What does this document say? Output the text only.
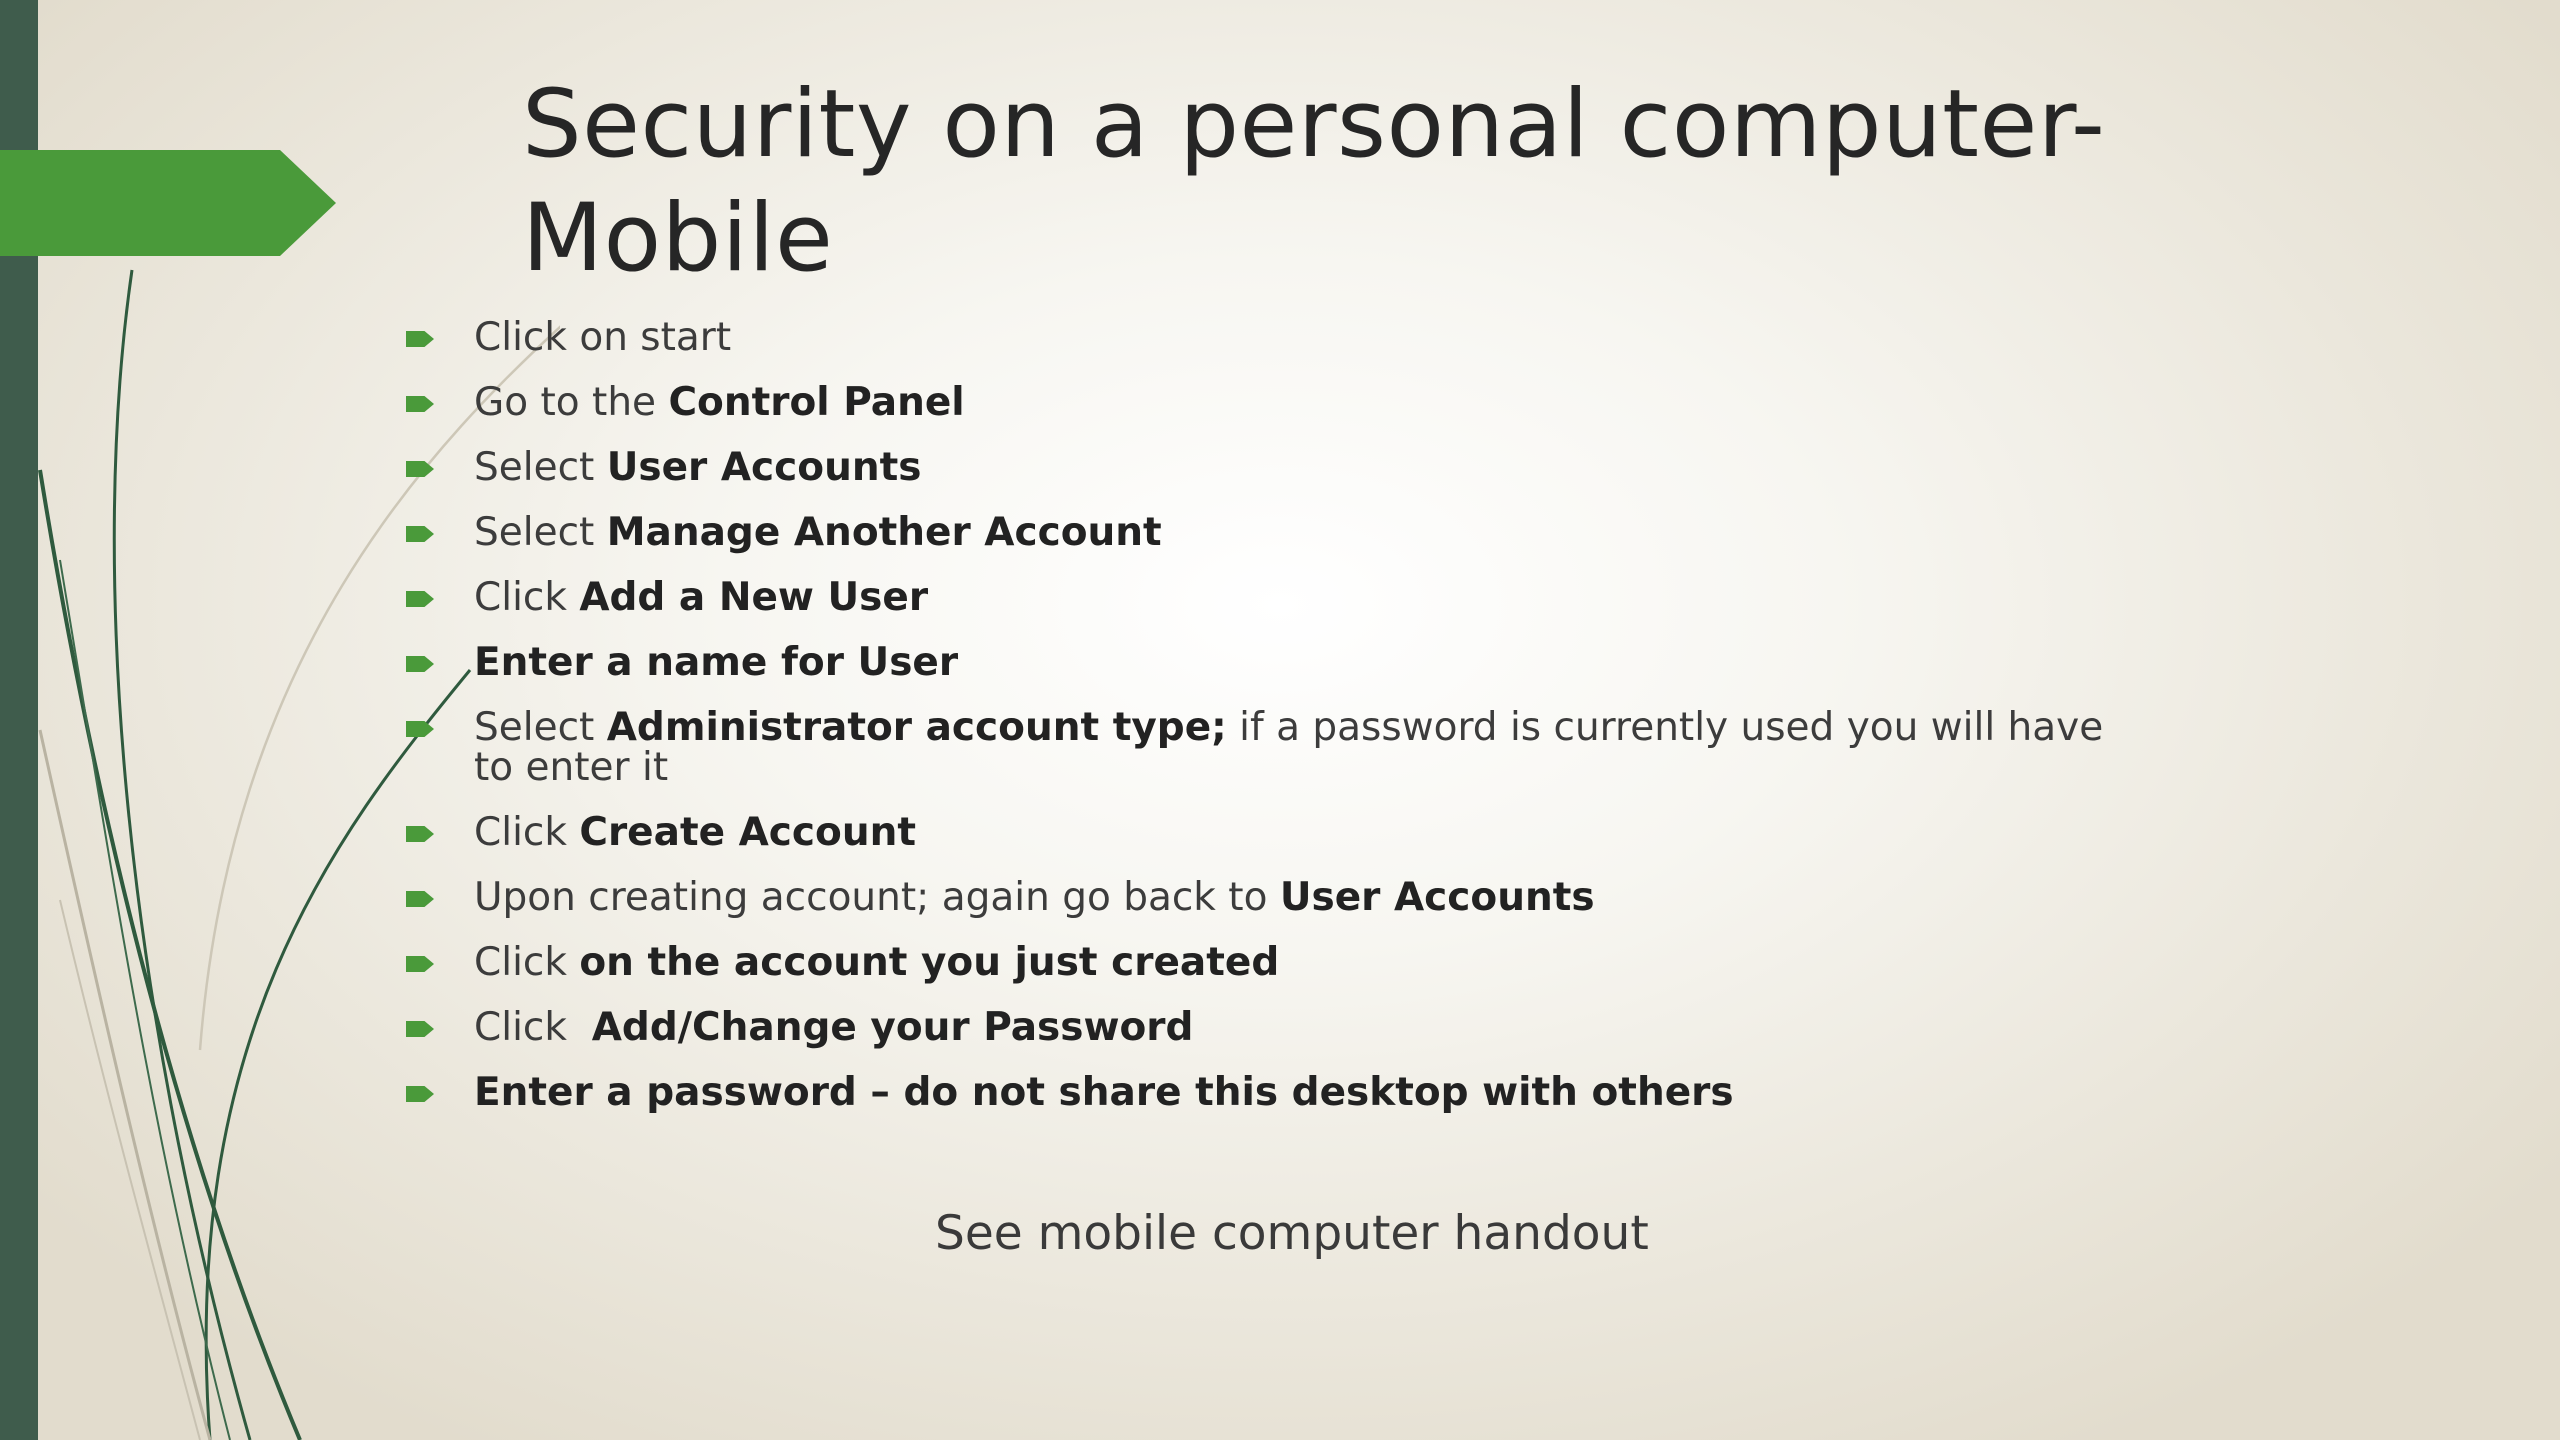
Security on a personal computer-Mobile
Click on start
Go to the Control Panel
Select User Accounts
Select Manage Another Account
Click Add a New User
Enter a name for User
Select Administrator account type; if a password is currently used you will have to enter it
Click Create Account
Upon creating account; again go back to User Accounts
Click on the account you just created
Click  Add/Change your Password
Enter a password – do not share this desktop with others
See mobile computer handout
